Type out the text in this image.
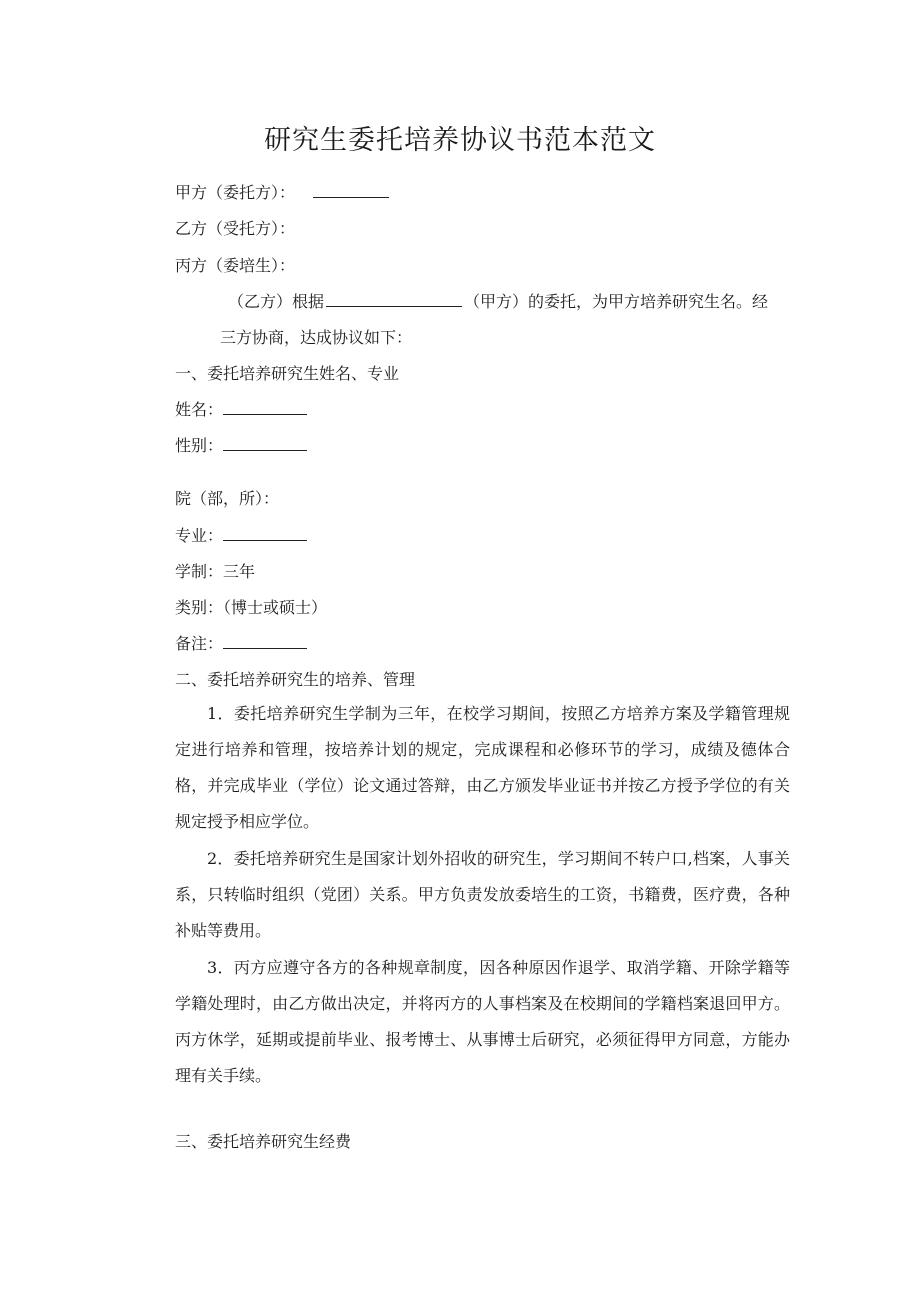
研究生委托培养协议书范本范文
甲方（委托方）：
乙方（受托方）：
丙方（委培生）：
（乙方）根据	（甲方）的委托，为甲方培养研究生名。经
三方协商，达成协议如下：
一、委托培养研究生姓名、专业
姓名：
性别：
院（部，所）：
专业：
学制：三年
类别：（博士或硕士）
备注：
二、委托培养研究生的培养、管理
1．委托培养研究生学制为三年，在校学习期间，按照乙方培养方案及学籍管理规定进行培养和管理，按培养计划的规定，完成课程和必修环节的学习，成绩及德体合格，并完成毕业（学位）论文通过答辩，由乙方颁发毕业证书并按乙方授予学位的有关规定授予相应学位。
2．委托培养研究生是国家计划外招收的研究生，学习期间不转户口,档案，人事关系，只转临时组织（党团）关系。甲方负责发放委培生的工资，书籍费，医疗费，各种补贴等费用。
3．丙方应遵守各方的各种规章制度，因各种原因作退学、取消学籍、开除学籍等学籍处理时，由乙方做出决定，并将丙方的人事档案及在校期间的学籍档案退回甲方。丙方休学，延期或提前毕业、报考博士、从事博士后研究，必须征得甲方同意，方能办理有关手续。
三、委托培养研究生经费
